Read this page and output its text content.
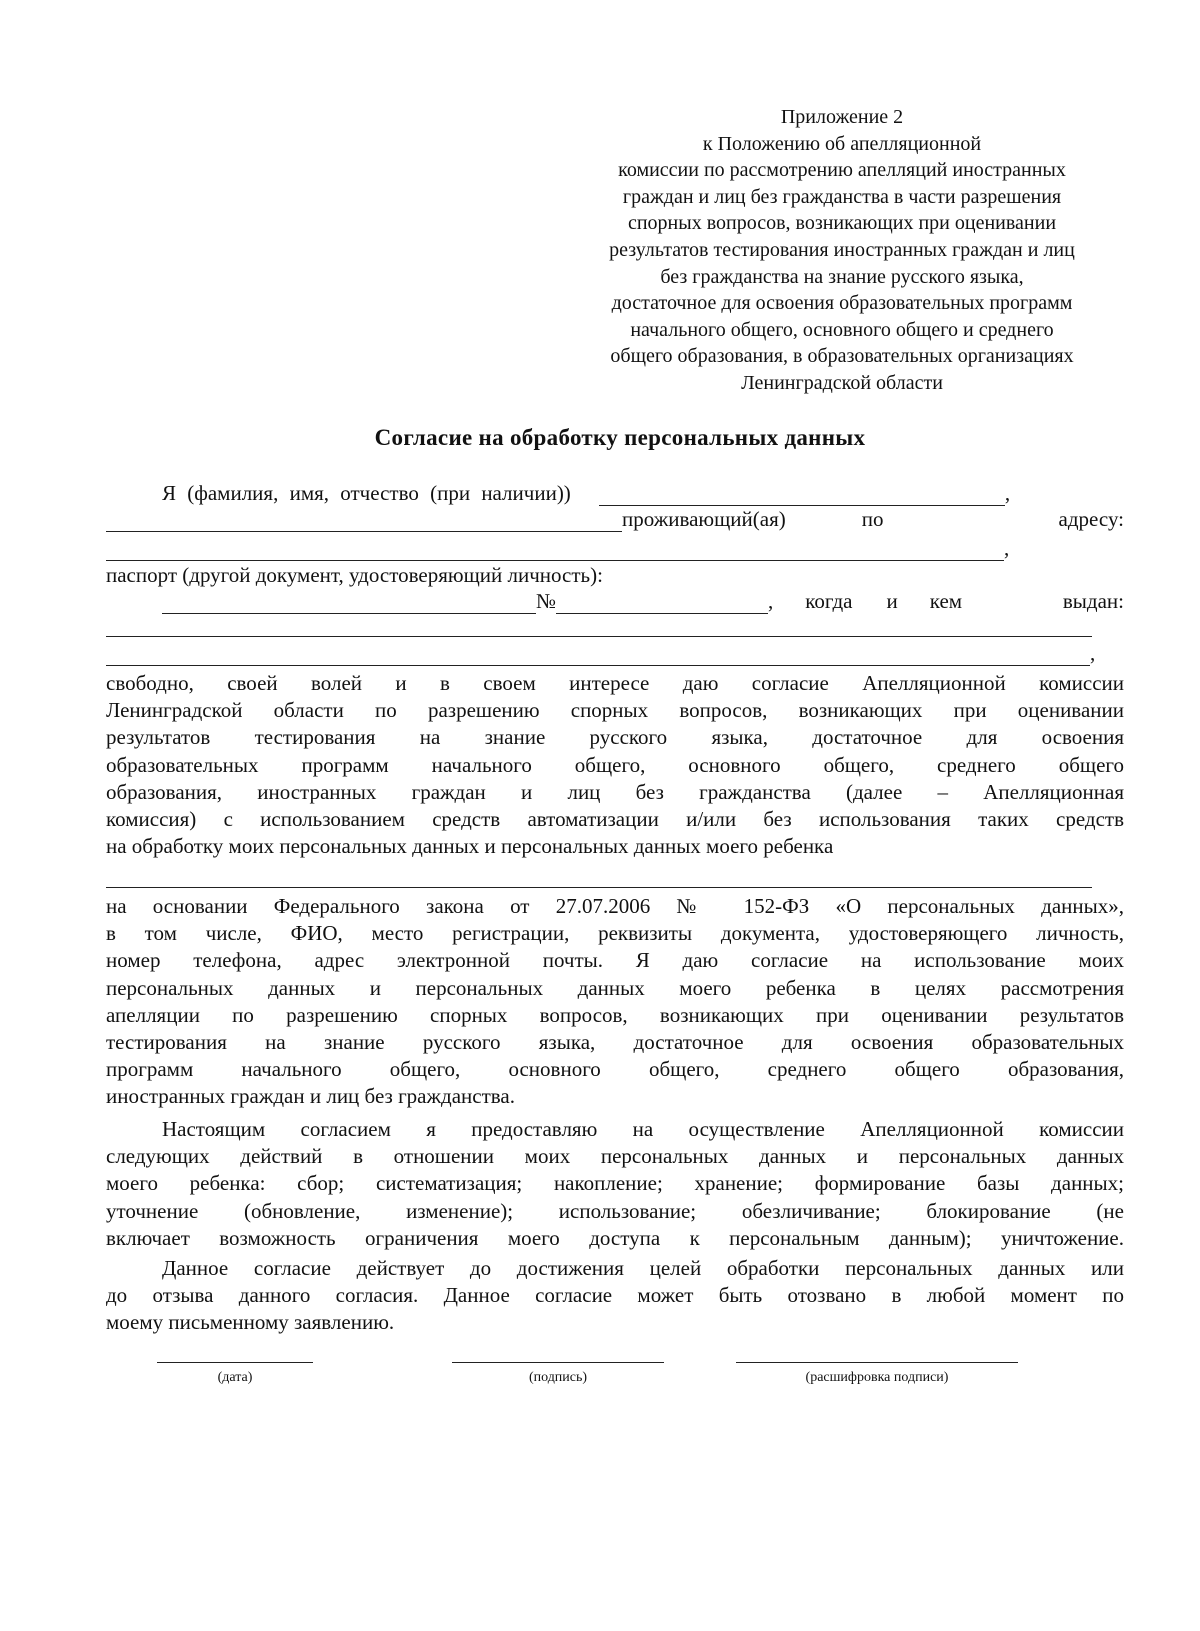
Приложение 2
к Положению об апелляционной
комиссии по рассмотрению апелляций иностранных
граждан и лиц без гражданства в части разрешения
спорных вопросов, возникающих при оценивании
результатов тестирования иностранных граждан и лиц
без гражданства на знание русского языка,
достаточное для освоения образовательных программ
начального общего, основного общего и среднего
общего образования, в образовательных организациях
Ленинградской области
Согласие на обработку персональных данных
Я (фамилия, имя, отчество (при наличии))	,
проживающий(ая)	по	адресу:
,
паспорт (другой документ, удостоверяющий личность):
№	, когда и кем	выдан:
,
свободно, своей волей и в своем интересе даю согласие Апелляционной комиссии
Ленинградской области по разрешению спорных вопросов, возникающих при оценивании
результатов тестирования на знание русского языка, достаточное для освоения
образовательных программ начального общего, основного общего, среднего общего
образования, иностранных граждан и лиц без гражданства (далее – Апелляционная
комиссия) с использованием средств автоматизации и/или без использования таких средств
на обработку моих персональных данных и персональных данных моего ребенка
на основании Федерального закона от 27.07.2006 № 152-ФЗ «О персональных данных»,
в том числе, ФИО, место регистрации, реквизиты документа, удостоверяющего личность,
номер телефона, адрес электронной почты. Я даю согласие на использование моих
персональных данных и персональных данных моего ребенка в целях рассмотрения
апелляции по разрешению спорных вопросов, возникающих при оценивании результатов
тестирования на знание русского языка, достаточное для освоения образовательных
программ начального общего, основного общего, среднего общего образования,
иностранных граждан и лиц без гражданства.
Настоящим согласием я предоставляю на осуществление Апелляционной комиссии
следующих действий в отношении моих персональных данных и персональных данных
моего ребенка: сбор; систематизация; накопление; хранение; формирование базы данных;
уточнение (обновление, изменение); использование; обезличивание; блокирование (не
включает возможность ограничения моего доступа к персональным данным); уничтожение.
Данное согласие действует до достижения целей обработки персональных данных или
до отзыва данного согласия. Данное согласие может быть отозвано в любой момент по
моему письменному заявлению.
(дата)	(подпись)	(расшифровка подписи)
